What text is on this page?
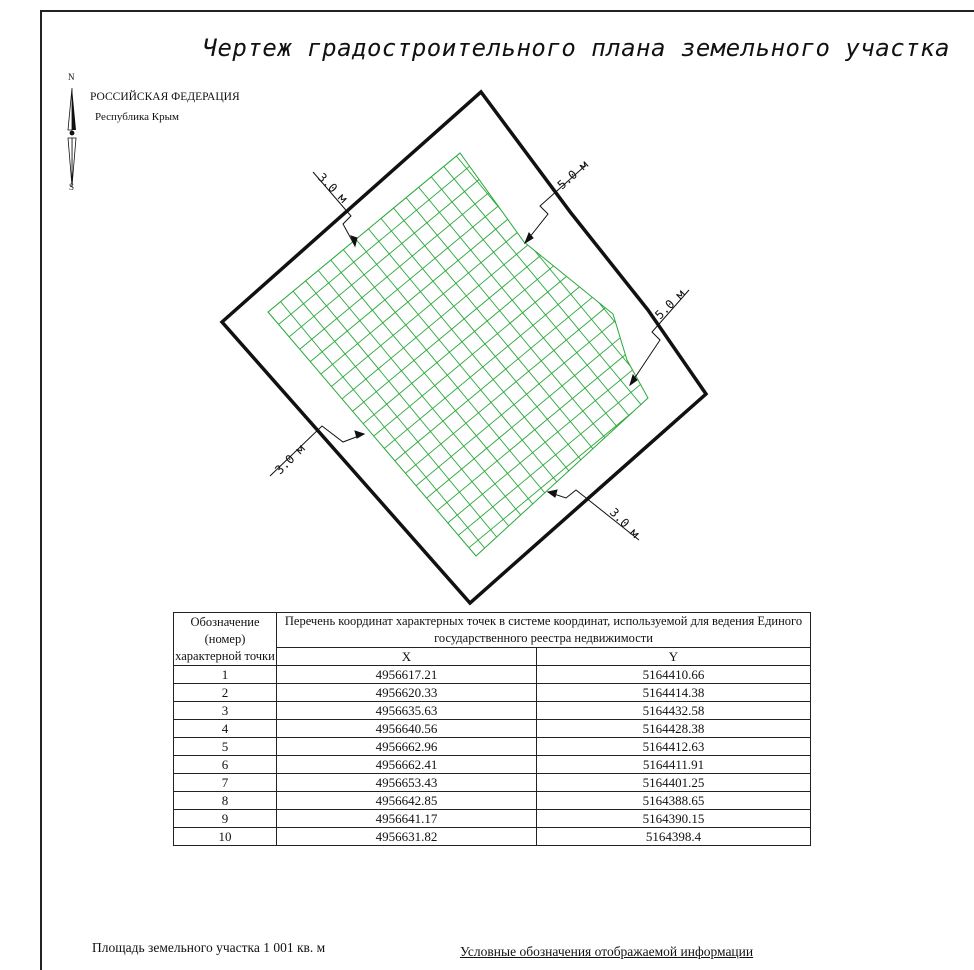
Чертеж градостроительного плана земельного участка
N
S
РОССИЙСКАЯ ФЕДЕРАЦИЯ
Республика Крым
3.0 м	5.0 м
5.0 м
3.0 м
3.0 м
Обозначение (номер) характерной точки	Перечень координат характерных точек в системе координат, используемой для ведения Единого государственного реестра недвижимости	
	X	Y
1	4956617.21	5164410.66
2	4956620.33	5164414.38
3	4956635.63	5164432.58
4	4956640.56	5164428.38
5	4956662.96	5164412.63
6	4956662.41	5164411.91
7	4956653.43	5164401.25
8	4956642.85	5164388.65
9	4956641.17	5164390.15
10	4956631.82	5164398.4
Площадь земельного участка 1 001 кв. м	Условные обозначения отображаемой информации
